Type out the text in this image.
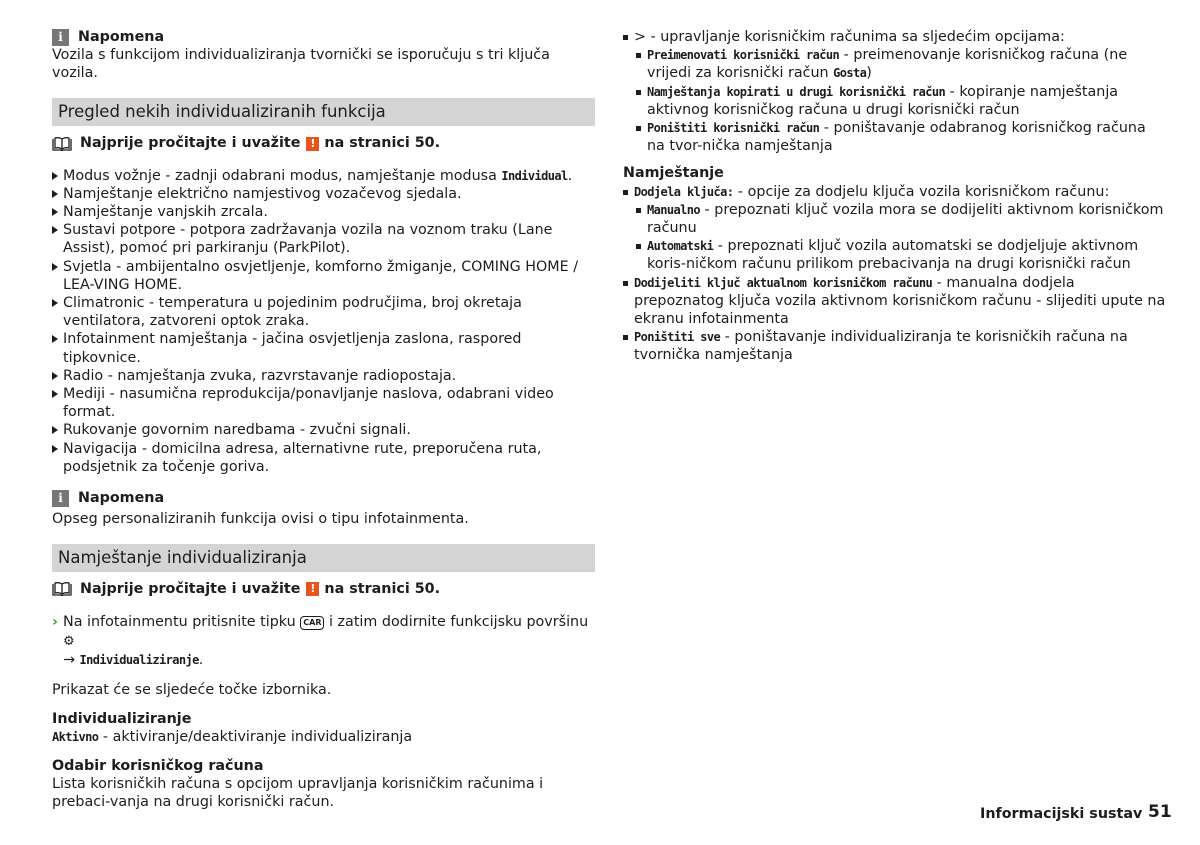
i	Napomena
Vozila s funkcijom individualiziranja tvornički se isporučuju s tri ključa vozila.
Pregled nekih individualiziranih funkcija
Najprije pročitajte i uvažite ! na stranici 50.
Modus vožnje - zadnji odabrani modus, namještanje modusa Individual.
Namještanje električno namjestivog vozačevog sjedala.
Namještanje vanjskih zrcala.
Sustavi potpore - potpora zadržavanja vozila na voznom traku (Lane Assist), pomoć pri parkiranju (ParkPilot).
Svjetla - ambijentalno osvjetljenje, komforno žmiganje, COMING HOME / LEA-VING HOME.
Climatronic - temperatura u pojedinim područjima, broj okretaja ventilatora, zatvoreni optok zraka.
Infotainment namještanja - jačina osvjetljenja zaslona, raspored tipkovnice.
Radio - namještanja zvuka, razvrstavanje radiopostaja.
Mediji - nasumična reprodukcija/ponavljanje naslova, odabrani video format.
Rukovanje govornim naredbama - zvučni signali.
Navigacija - domicilna adresa, alternativne rute, preporučena ruta, podsjetnik za točenje goriva.
i	Napomena
Opseg personaliziranih funkcija ovisi o tipu infotainmenta.
Namještanje individualiziranja
Najprije pročitajte i uvažite ! na stranici 50.
› Na infotainmentu pritisnite tipku CAR i zatim dodirnite funkcijsku površinu ⚙
→ Individualiziranje.
Prikazat će se sljedeće točke izbornika.
Individualiziranje
Aktivno - aktiviranje/deaktiviranje individualiziranja
Odabir korisničkog računa
Lista korisničkih računa s opcijom upravljanja korisničkim računima i prebaci-vanja na drugi korisnički račun.
> - upravljanje korisničkim računima sa sljedećim opcijama:
Preimenovati korisnički račun - preimenovanje korisničkog računa (ne vrijedi za korisnički račun Gosta)
Namještanja kopirati u drugi korisnički račun - kopiranje namještanja aktivnog korisničkog računa u drugi korisnički račun
Poništiti korisnički račun - poništavanje odabranog korisničkog računa na tvor-nička namještanja
Namještanje
Dodjela ključa: - opcije za dodjelu ključa vozila korisničkom računu:
Manualno - prepoznati ključ vozila mora se dodijeliti aktivnom korisničkom računu
Automatski - prepoznati ključ vozila automatski se dodjeljuje aktivnom koris-ničkom računu prilikom prebacivanja na drugi korisnički račun
Dodijeliti ključ aktualnom korisničkom računu - manualna dodjela prepoznatog ključa vozila aktivnom korisničkom računu - slijediti upute na ekranu infotainmenta
Poništiti sve - poništavanje individualiziranja te korisničkih računa na tvornička namještanja
Informacijski sustav 51
